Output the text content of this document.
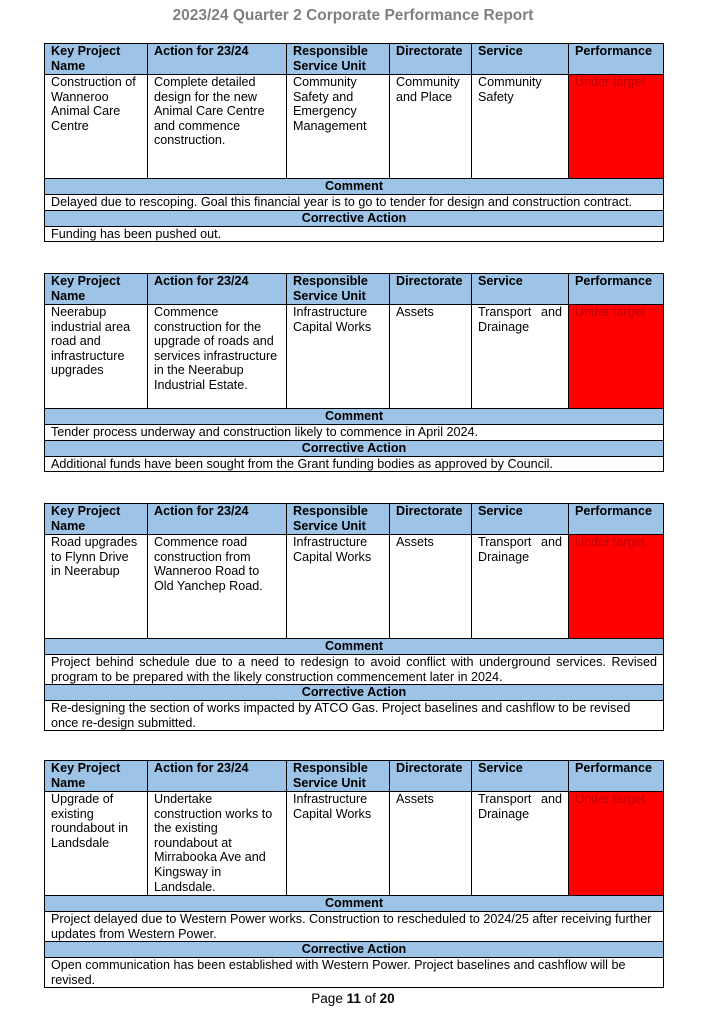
2023/24 Quarter 2 Corporate Performance Report
Key Project Name	Action for 23/24	Responsible Service Unit	Directorate	Service	Performance
Construction of Wanneroo Animal Care Centre	Complete detailed design for the new Animal Care Centre and commence construction.	Community Safety and Emergency Management	Community and Place	Community Safety	Under target
Comment					
Delayed due to rescoping. Goal this financial year is to go to tender for design and construction contract.					
Corrective Action					
Funding has been pushed out.					
Key Project Name	Action for 23/24	Responsible Service Unit	Directorate	Service	Performance
Neerabup industrial area road and infrastructure upgrades	Commence construction for the upgrade of roads and services infrastructure in the Neerabup Industrial Estate.	Infrastructure Capital Works	Assets	Transport and Drainage	Under target
Comment					
Tender process underway and construction likely to commence in April 2024.					
Corrective Action					
Additional funds have been sought from the Grant funding bodies as approved by Council.					
Key Project Name	Action for 23/24	Responsible Service Unit	Directorate	Service	Performance
Road upgrades to Flynn Drive in Neerabup	Commence road construction from Wanneroo Road to Old Yanchep Road.	Infrastructure Capital Works	Assets	Transport and Drainage	Under target
Comment					
Project behind schedule due to a need to redesign to avoid conflict with underground services. Revised program to be prepared with the likely construction commencement later in 2024.					
Corrective Action					
Re-designing the section of works impacted by ATCO Gas. Project baselines and cashflow to be revised once re-design submitted.					
Key Project Name	Action for 23/24	Responsible Service Unit	Directorate	Service	Performance
Upgrade of existing roundabout in Landsdale	Undertake construction works to the existing roundabout at Mirrabooka Ave and Kingsway in Landsdale.	Infrastructure Capital Works	Assets	Transport and Drainage	Under target
Comment					
Project delayed due to Western Power works. Construction to rescheduled to 2024/25 after receiving further updates from Western Power.					
Corrective Action					
Open communication has been established with Western Power. Project baselines and cashflow will be revised.					
Page 11 of 20
